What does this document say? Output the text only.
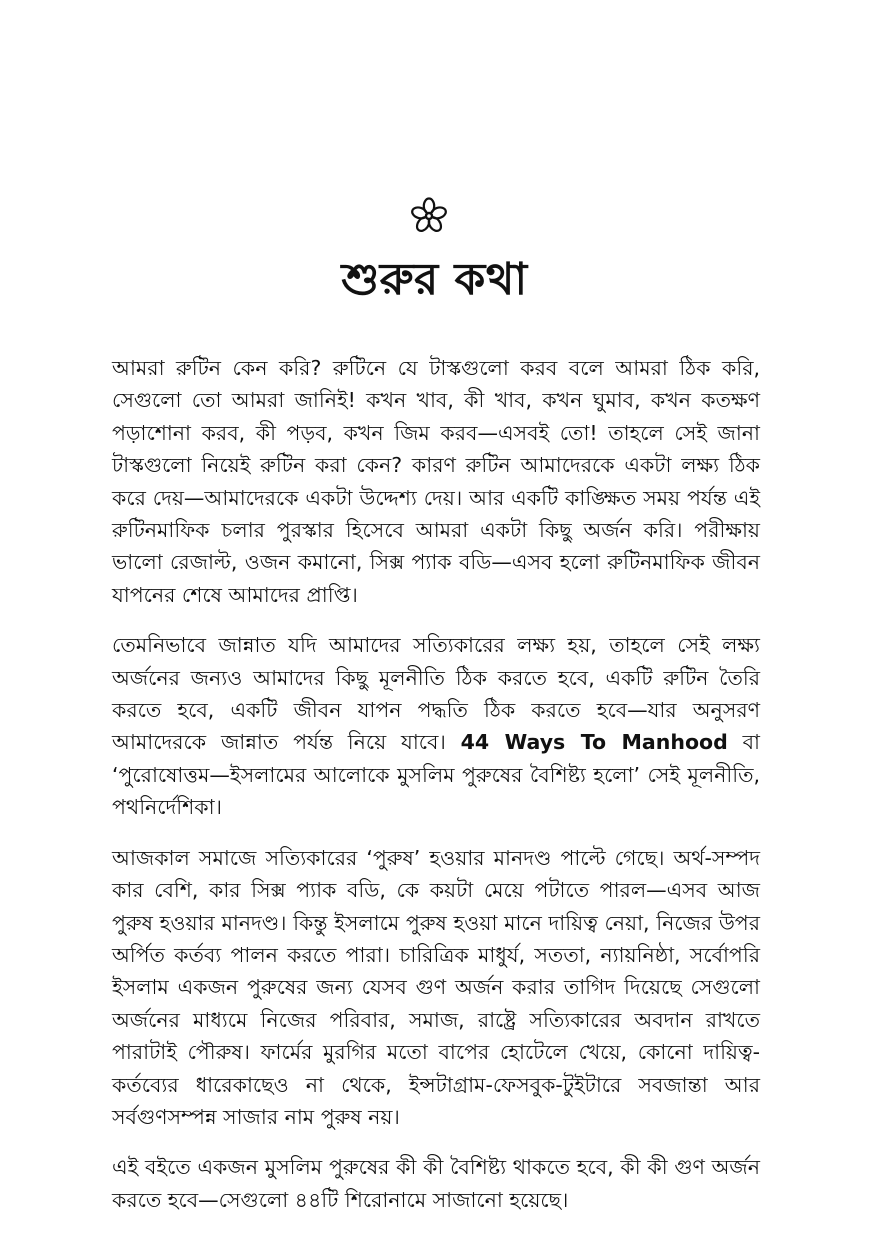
শুরুর কথা

আমরা রুটিন কেন করি? রুটিনে যে টাস্কগুলো করব বলে আমরা ঠিক করি, সেগুলো তো আমরা জানিই! কখন খাব, কী খাব, কখন ঘুমাব, কখন কতক্ষণ পড়াশোনা করব, কী পড়ব, কখন জিম করব—এসবই তো! তাহলে সেই জানা টাস্কগুলো নিয়েই রুটিন করা কেন? কারণ রুটিন আমাদেরকে একটা লক্ষ্য ঠিক করে দেয়—আমাদেরকে একটা উদ্দেশ্য দেয়। আর একটি কাঙ্ক্ষিত সময় পর্যন্ত এই রুটিনমাফিক চলার পুরস্কার হিসেবে আমরা একটা কিছু অর্জন করি। পরীক্ষায় ভালো রেজাল্ট, ওজন কমানো, সিক্স প্যাক বডি—এসব হলো রুটিনমাফিক জীবন যাপনের শেষে আমাদের প্রাপ্তি।

তেমনিভাবে জান্নাত যদি আমাদের সত্যিকারের লক্ষ্য হয়, তাহলে সেই লক্ষ্য অর্জনের জন্যও আমাদের কিছু মূলনীতি ঠিক করতে হবে, একটি রুটিন তৈরি করতে হবে, একটি জীবন যাপন পদ্ধতি ঠিক করতে হবে—যার অনুসরণ আমাদেরকে জান্নাত পর্যন্ত নিয়ে যাবে। 44 Ways To Manhood বা ‘পুরোষোত্তম—ইসলামের আলোকে মুসলিম পুরুষের বৈশিষ্ট্য হলো’ সেই মূলনীতি, পথনির্দেশিকা।

আজকাল সমাজে সত্যিকারের ‘পুরুষ’ হওয়ার মানদণ্ড পাল্টে গেছে। অর্থ-সম্পদ কার বেশি, কার সিক্স প্যাক বডি, কে কয়টা মেয়ে পটাতে পারল—এসব আজ পুরুষ হওয়ার মানদণ্ড। কিন্তু ইসলামে পুরুষ হওয়া মানে দায়িত্ব নেয়া, নিজের উপর অর্পিত কর্তব্য পালন করতে পারা। চারিত্রিক মাধুর্য, সততা, ন্যায়নিষ্ঠা, সর্বোপরি ইসলাম একজন পুরুষের জন্য যেসব গুণ অর্জন করার তাগিদ দিয়েছে সেগুলো অর্জনের মাধ্যমে নিজের পরিবার, সমাজ, রাষ্ট্রে সত্যিকারের অবদান রাখতে পারাটাই পৌরুষ। ফার্মের মুরগির মতো বাপের হোটেলে খেয়ে, কোনো দায়িত্ব-কর্তব্যের ধারেকাছেও না থেকে, ইন্সটাগ্রাম-ফেসবুক-টুইটারে সবজান্তা আর সর্বগুণসম্পন্ন সাজার নাম পুরুষ নয়।

এই বইতে একজন মুসলিম পুরুষের কী কী বৈশিষ্ট্য থাকতে হবে, কী কী গুণ অর্জন করতে হবে—সেগুলো ৪৪টি শিরোনামে সাজানো হয়েছে।
